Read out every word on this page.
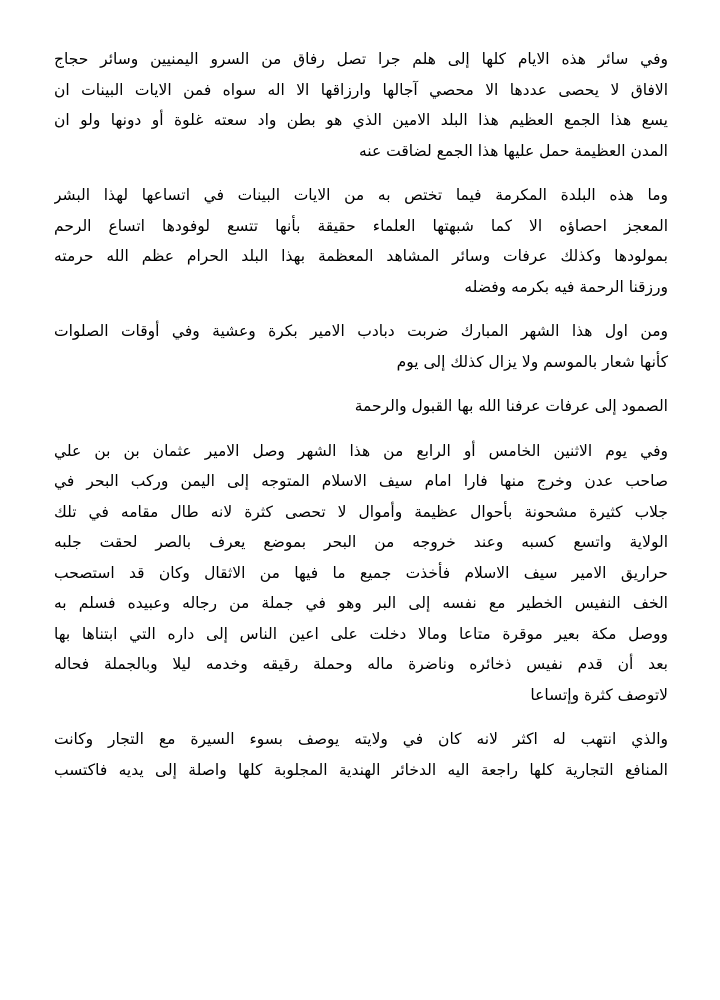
وفي سائر هذه الايام كلها إلى هلم جرا تصل رفاق من السرو اليمنيين وسائر حجاج
الافاق لا يحصى عددها الا محصي آجالها وارزاقها الا اله سواه فمن الايات البينات ان
يسع هذا الجمع العظيم هذا البلد الامين الذي هو بطن واد سعته غلوة أو دونها ولو ان
المدن العظيمة حمل عليها هذا الجمع لضاقت عنه
وما هذه البلدة المكرمة فيما تختص به من الايات البينات في اتساعها لهذا البشر
المعجز احصاؤه الا كما شبهتها العلماء حقيقة بأنها تتسع لوفودها اتساع الرحم
بمولودها وكذلك عرفات وسائر المشاهد المعظمة بهذا البلد الحرام عظم الله حرمته
ورزقنا الرحمة فيه بكرمه وفضله
ومن اول هذا الشهر المبارك ضربت دبادب الامير بكرة وعشية وفي أوقات الصلوات
كأنها شعار بالموسم ولا يزال كذلك إلى يوم
الصمود إلى عرفات عرفنا الله بها القبول والرحمة
وفي يوم الاثنين الخامس أو الرابع من هذا الشهر وصل الامير عثمان بن بن علي
صاحب عدن وخرج منها فارا امام سيف الاسلام المتوجه إلى اليمن وركب البحر في
جلاب كثيرة مشحونة بأحوال عظيمة وأموال لا تحصى كثرة لانه طال مقامه في تلك
الولاية واتسع كسبه وعند خروجه من البحر بموضع يعرف بالصر لحقت جلبه
حراريق الامير سيف الاسلام فأخذت جميع ما فيها من الاثقال وكان قد استصحب
الخف النفيس الخطير مع نفسه إلى البر وهو في جملة من رجاله وعبيده فسلم به
ووصل مكة بعير موقرة متاعا ومالا دخلت على اعين الناس إلى داره التي ابتناها بها
بعد أن قدم نفيس ذخائره وناضرة ماله وحملة رقيقه وخدمه ليلا وبالجملة فحاله
لاتوصف كثرة وإتساعا
والذي انتهب له اكثر لانه كان في ولايته يوصف بسوء السيرة مع التجار وكانت
المنافع التجارية كلها راجعة اليه الدخائر الهندية المجلوبة كلها واصلة إلى يديه فاكتسب
